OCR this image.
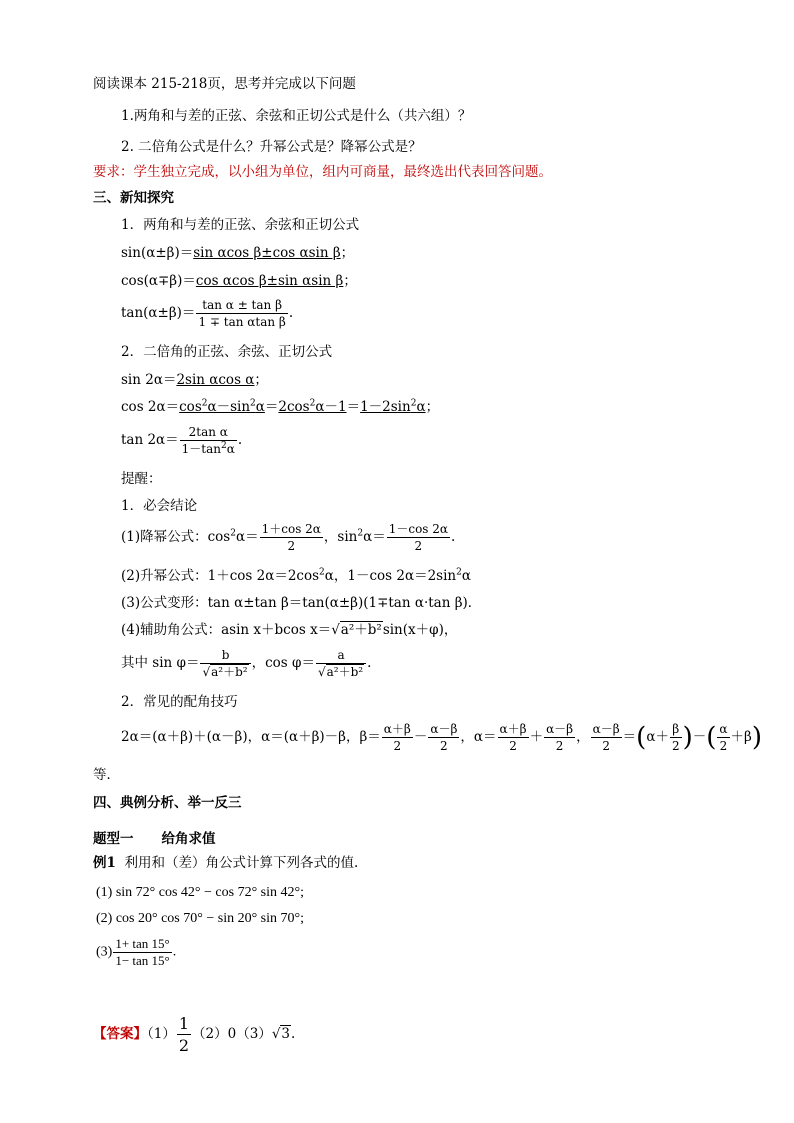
阅读课本 215-218页，思考并完成以下问题
1.两角和与差的正弦、余弦和正切公式是什么（共六组）？
2. 二倍角公式是什么？升幂公式是？降幂公式是？
要求：学生独立完成，以小组为单位，组内可商量，最终选出代表回答问题。
三、新知探究
1．两角和与差的正弦、余弦和正切公式
sin(α±β)＝sin αcos β±cos αsin β；
cos(α∓β)＝cos αcos β±sin αsin β；
$\tan(\alpha\pm\beta)= \frac{\text{tan α ± tan β}}{\text{1 ∓ tan αtan β}}$ .
2．二倍角的正弦、余弦、正切公式
sin 2α＝2sin αcos α；
$\cos 2\alpha=\cos^2\alpha-\sin^2\alpha=2\cos^2\alpha-1=1-2\sin^2\alpha$；
$\tan 2\alpha= \frac{\text{2tan α}}{1-\tan^2\alpha}$ .
提醒：
1．必会结论
(1)降幂公式：$\cos^2\alpha= \frac{1+\cos 2\alpha}{2}$ ，$\sin^2\alpha= \frac{1-\cos 2\alpha}{2}$ .
(2)升幂公式：1＋cos $2\alpha=2\cos^2\alpha$，1－cos $2\alpha=2\sin^2\alpha$
(3)公式变形：tan α±tan β＝tan(α±β)(1∓tan α·tan β)．
(4)辅助角公式：asin x＋bcos x＝√a²＋b²sin(x＋φ)，
其中 $\sin \varphi= \frac{b}{\text{√a²＋b²}}$ ，$\cos \varphi= \frac{a}{\text{√a²＋b²}}$ .
2．常见的配角技巧
2α＝(α＋β)＋(α－β)，α＝(α＋β)－β，$\beta= \frac{\alpha+\beta}{2} - \frac{\alpha-\beta}{2}$ ，$\alpha= \frac{\alpha+\beta}{2} + \frac{\alpha-\beta}{2}$ ， $\frac{\alpha-\beta}{2} =(\alpha+ \frac{\beta}{2}$ )－( $\frac{\alpha}{2} +\beta$)
等．
四、典例分析、举一反三
题型一 给角求值
例1 利用和（差）角公式计算下列各式的值.
(1) sin 72° cos 42° − cos 72° sin 42°;
(2) cos 20° cos 70° − sin 20° sin 70°;
$(3) \frac{1+ \tan 15^\circ}{1- \tan 15^\circ}$ .
【答案】$(1) \frac{1}{2} (2)0(3)√3$.
